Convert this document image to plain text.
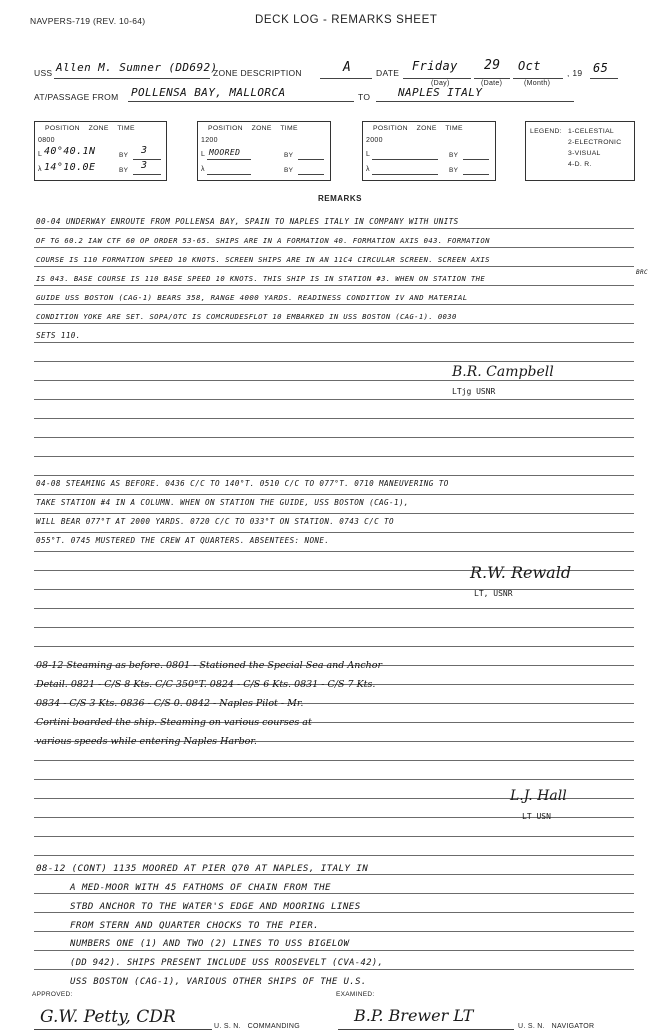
NAVPERS-719 (REV. 10-64)	DECK LOG - REMARKS SHEET
USS Allen M. Sumner (DD692)
ZONE DESCRIPTION	A	DATE Friday 29 Oct	, 19 65
(Day)	(Date)	(Month)
AT/PASSAGE FROM POLLENSA BAY, MALLORCA	TO	NAPLES ITALY
POSITION    ZONE    TIME
0800
L 40°40.1N	BY 3
λ 14°10.0E	BY 3
POSITION    ZONE    TIME
1200
L MOORED	BY
λ	BY
POSITION    ZONE    TIME
2000
L	BY
λ	BY
LEGEND: 1-CELESTIAL
2-ELECTRONIC
3-VISUAL
4-D. R.
REMARKS
00-04 UNDERWAY ENROUTE FROM POLLENSA BAY, SPAIN TO NAPLES ITALY IN COMPANY WITH UNITS
OF TG 60.2 IAW CTF 60 OP ORDER 53-65. SHIPS ARE IN A FORMATION 40. FORMATION AXIS 043. FORMATION
COURSE IS 110 FORMATION SPEED 10 KNOTS. SCREEN SHIPS ARE IN AN 11C4 CIRCULAR SCREEN. SCREEN AXIS
IS 043. BASE COURSE IS 110 BASE SPEED 10 KNOTS. THIS SHIP IS IN STATION #3. WHEN ON STATION THE
GUIDE USS BOSTON (CAG-1) BEARS 358, RANGE 4000 YARDS. READINESS CONDITION IV AND MATERIAL
CONDITION YOKE ARE SET. SOPA/OTC IS COMCRUDESFLOT 10 EMBARKED IN USS BOSTON (CAG-1). 0030
SETS 110.
BRC
B.R. Campbell
LTjg USNR
04-08 STEAMING AS BEFORE. 0436 C/C TO 140°T. 0510 C/C TO 077°T. 0710 MANEUVERING TO
TAKE STATION #4 IN A COLUMN. WHEN ON STATION THE GUIDE, USS BOSTON (CAG-1),
WILL BEAR 077°T AT 2000 YARDS. 0720 C/C TO 033°T ON STATION. 0743 C/C TO
055°T. 0745 MUSTERED THE CREW AT QUARTERS. ABSENTEES: NONE.
R.W. Rewald
LT, USNR
08-12 Steaming as before. 0801 - Stationed the Special Sea and Anchor
Detail. 0821 - C/S 8 Kts. C/C 350°T. 0824 - C/S 6 Kts. 0831 - C/S 7 Kts.
0834 - C/S 3 Kts. 0836 - C/S 0. 0842 - Naples Pilot - Mr.
Cortini boarded the ship. Steaming on various courses at
various speeds while entering Naples Harbor.
L.J. Hall
LT USN
08-12 (CONT) 1135 MOORED AT PIER Q70 AT NAPLES, ITALY IN
A MED-MOOR WITH 45 FATHOMS OF CHAIN FROM THE
STBD ANCHOR TO THE WATER'S EDGE AND MOORING LINES
FROM STERN AND QUARTER CHOCKS TO THE PIER.
NUMBERS ONE (1) AND TWO (2) LINES TO USS BIGELOW
(DD 942). SHIPS PRESENT INCLUDE USS ROOSEVELT (CVA-42),
USS BOSTON (CAG-1), VARIOUS OTHER SHIPS OF THE U.S.
APPROVED:
G.W. Petty, CDR	U. S. N.   COMMANDING
EXAMINED:
B.P. Brewer LT
U. S. N.   NAVIGATOR
